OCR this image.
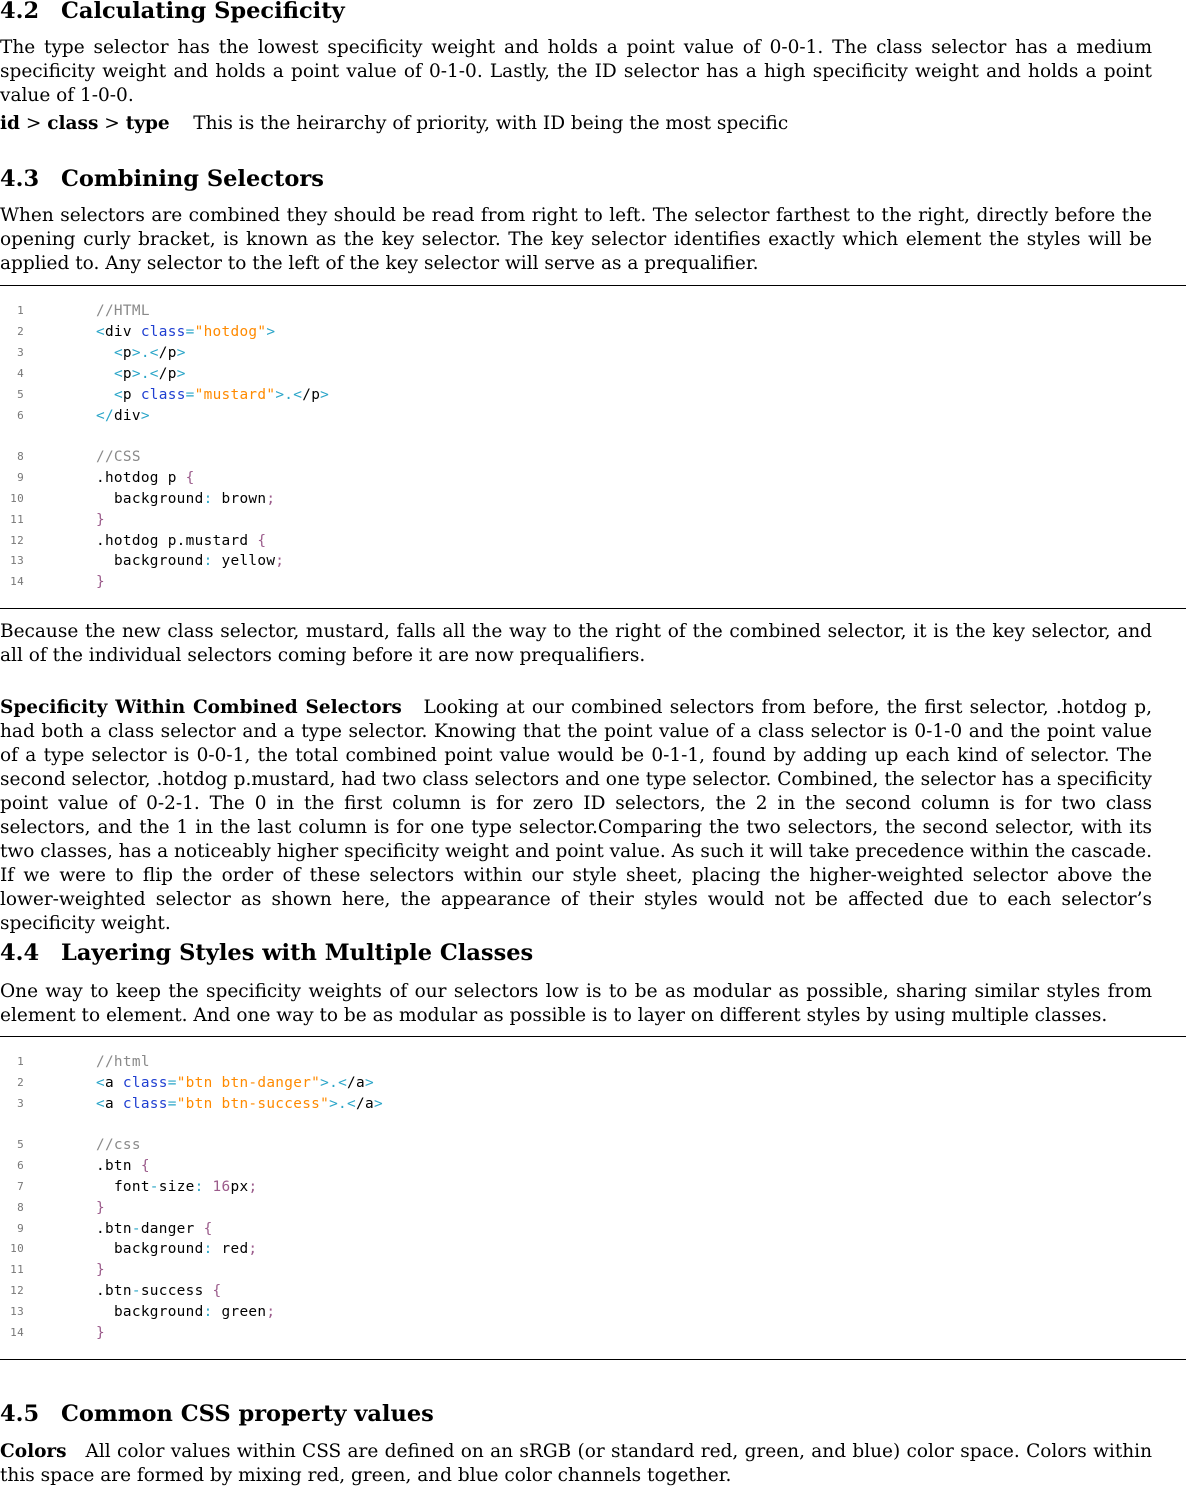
4.2 Calculating Specificity

The type selector has the lowest specificity weight and holds a point value of 0-0-1. The class selector has a medium specificity weight and holds a point value of 0-1-0. Lastly, the ID selector has a high specificity weight and holds a point value of 1-0-0.

id > class > type This is the heirarchy of priority, with ID being the most specific

4.3 Combining Selectors

When selectors are combined they should be read from right to left. The selector farthest to the right, directly before the opening curly bracket, is known as the key selector. The key selector identifies exactly which element the styles will be applied to. Any selector to the left of the key selector will serve as a prequalifier.

1	//HTML
2	<div class="hotdog">
3	<p>.</p>
4	<p>.</p>
5	<p class="mustard">.</p>
6	</div>
8	//CSS
9	.hotdog p {
10	background: brown;
11	}
12	.hotdog p.mustard {
13	background: yellow;
14	}

Because the new class selector, mustard, falls all the way to the right of the combined selector, it is the key selector, and all of the individual selectors coming before it are now prequalifiers.

Specificity Within Combined Selectors Looking at our combined selectors from before, the first selector, .hotdog p, had both a class selector and a type selector. Knowing that the point value of a class selector is 0-1-0 and the point value of a type selector is 0-0-1, the total combined point value would be 0-1-1, found by adding up each kind of selector. The second selector, .hotdog p.mustard, had two class selectors and one type selector. Combined, the selector has a specificity point value of 0-2-1. The 0 in the first column is for zero ID selectors, the 2 in the second column is for two class selectors, and the 1 in the last column is for one type selector.Comparing the two selectors, the second selector, with its two classes, has a noticeably higher specificity weight and point value. As such it will take precedence within the cascade. If we were to flip the order of these selectors within our style sheet, placing the higher-weighted selector above the lower-weighted selector as shown here, the appearance of their styles would not be affected due to each selector’s specificity weight.

4.4 Layering Styles with Multiple Classes

One way to keep the specificity weights of our selectors low is to be as modular as possible, sharing similar styles from element to element. And one way to be as modular as possible is to layer on different styles by using multiple classes.

1	//html
2	<a class="btn btn-danger">.</a>
3	<a class="btn btn-success">.</a>
5	//css
6	.btn {
7	font-size: 16px;
8	}
9	.btn-danger {
10	background: red;
11	}
12	.btn-success {
13	background: green;
14	}
4.5 Common CSS property values

Colors All color values within CSS are defined on an sRGB (or standard red, green, and blue) color space. Colors within this space are formed by mixing red, green, and blue color channels together.
